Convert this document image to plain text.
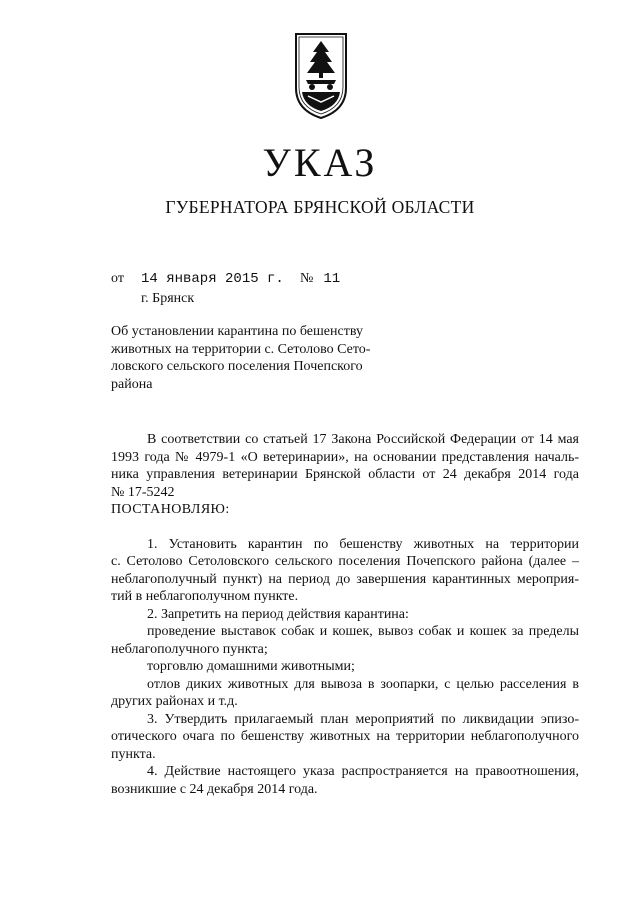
УКАЗ
ГУБЕРНАТОРА БРЯНСКОЙ ОБЛАСТИ
от 14 января 2015 г. № 11
г. Брянск
Об установлении карантина по бешенству
животных на территории с. Сетолово Сето-
ловского сельского поселения Почепского
района
В соответствии со статьей 17 Закона Российской Федерации от 14 мая
1993 года № 4979-1 «О ветеринарии», на основании представления началь-
ника управления ветеринарии Брянской области от 24 декабря 2014 года
№ 17-5242
ПОСТАНОВЛЯЮ:
1. Установить карантин по бешенству животных на территории
с. Сетолово Сетоловского сельского поселения Почепского района (далее –
неблагополучный пункт) на период до завершения карантинных мероприя-
тий в неблагополучном пункте.
2. Запретить на период действия карантина:
проведение выставок собак и кошек, вывоз собак и кошек за пределы
неблагополучного пункта;
торговлю домашними животными;
отлов диких животных для вывоза в зоопарки, с целью расселения в
других районах и т.д.
3. Утвердить прилагаемый план мероприятий по ликвидации эпизо-
отического очага по бешенству животных на территории неблагополучного
пункта.
4. Действие настоящего указа распространяется на правоотношения,
возникшие с 24 декабря 2014 года.
